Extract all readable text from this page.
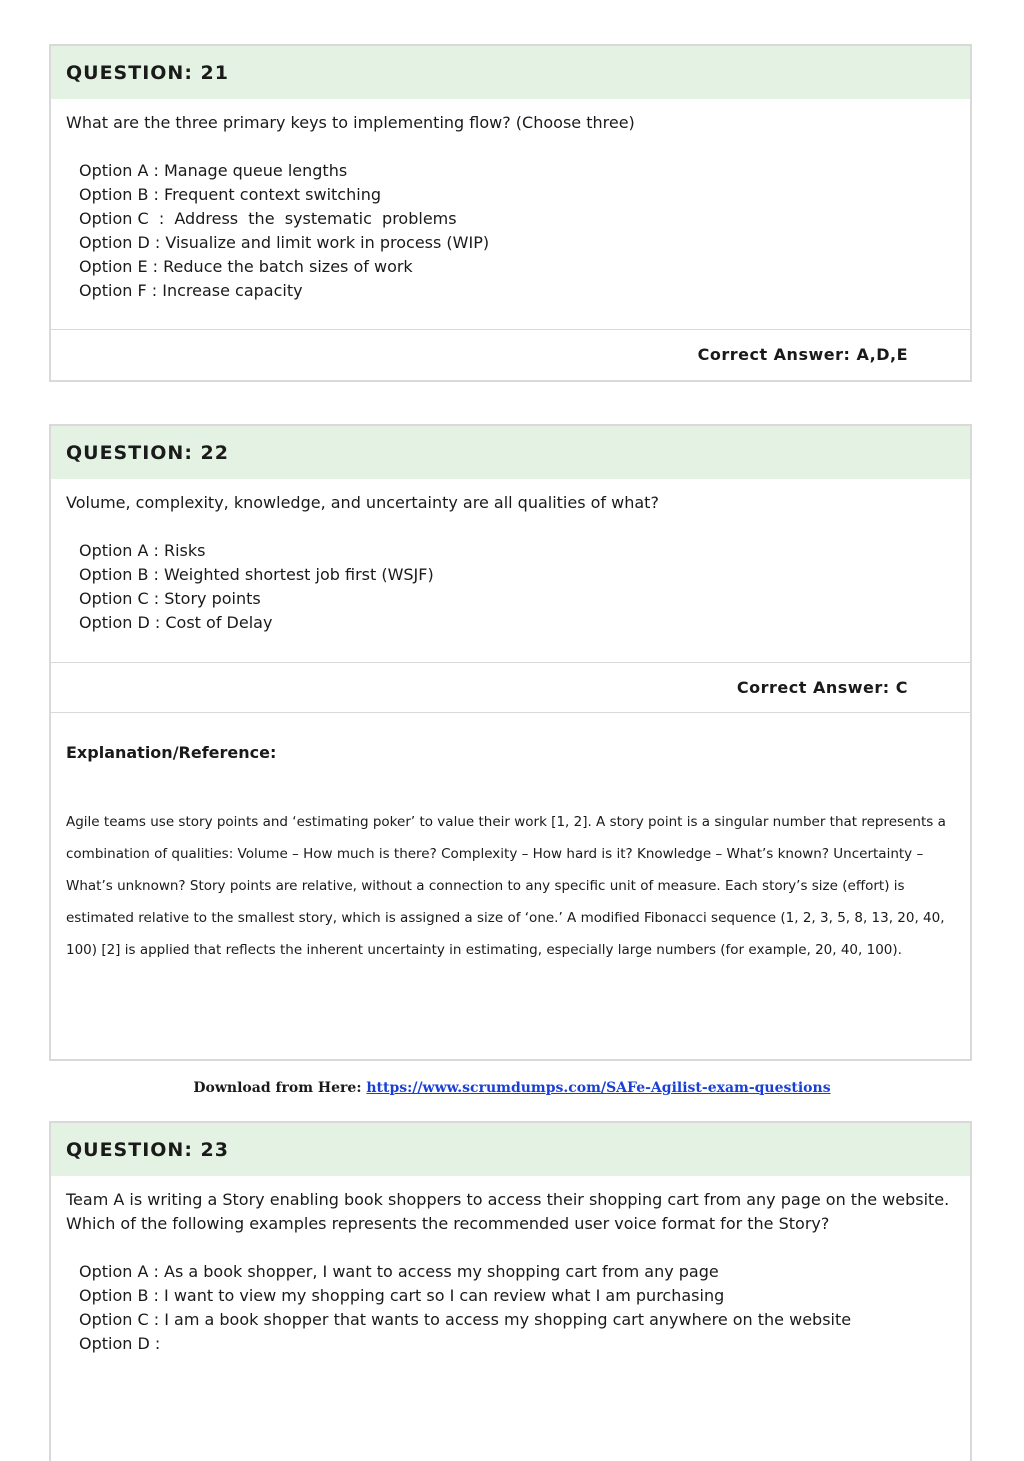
QUESTION: 21
What are the three primary keys to implementing flow? (Choose three)
Option A : Manage queue lengths
Option B : Frequent context switching
Option C  :  Address  the  systematic  problems
Option D : Visualize and limit work in process (WIP)
Option E : Reduce the batch sizes of work
Option F : Increase capacity
Correct Answer: A,D,E
QUESTION: 22
Volume, complexity, knowledge, and uncertainty are all qualities of what?
Option A : Risks
Option B : Weighted shortest job first (WSJF)
Option C : Story points
Option D : Cost of Delay
Correct Answer: C
Explanation/Reference:
Agile teams use story points and ‘estimating poker’ to value their work [1, 2]. A story point is a singular number that represents a combination of qualities: Volume – How much is there? Complexity – How hard is it? Knowledge – What’s known? Uncertainty – What’s unknown? Story points are relative, without a connection to any specific unit of measure. Each story’s size (effort) is estimated relative to the smallest story, which is assigned a size of ‘one.’ A modified Fibonacci sequence (1, 2, 3, 5, 8, 13, 20, 40, 100) [2] is applied that reflects the inherent uncertainty in estimating, especially large numbers (for example, 20, 40, 100).
Download from Here: https://www.scrumdumps.com/SAFe-Agilist-exam-questions
QUESTION: 23
Team A is writing a Story enabling book shoppers to access their shopping cart from any page on the website. Which of the following examples represents the recommended user voice format for the Story?
Option A : As a book shopper, I want to access my shopping cart from any page
Option B : I want to view my shopping cart so I can review what I am purchasing
Option C : I am a book shopper that wants to access my shopping cart anywhere on the website
Option D :
